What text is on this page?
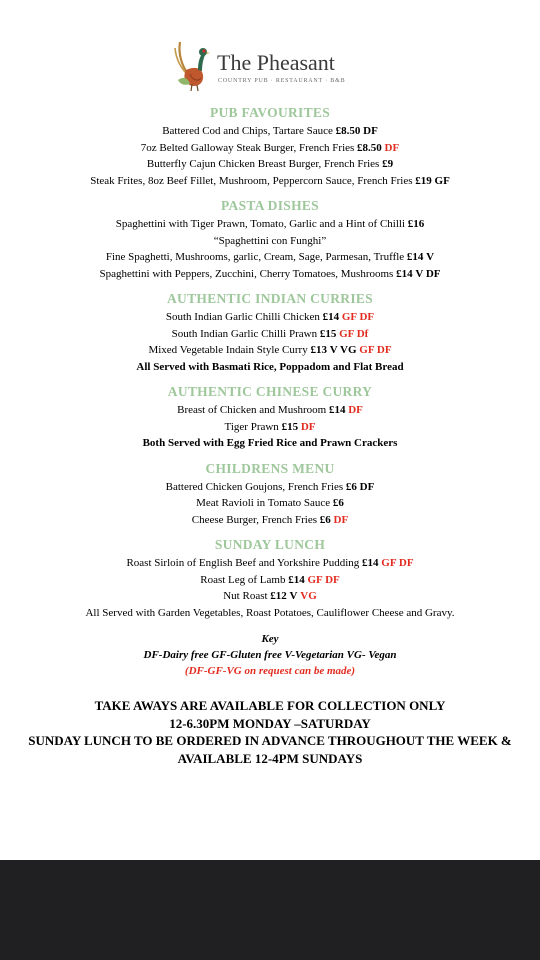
The Pheasant
COUNTRY PUB · RESTAURANT · B&B
PUB FAVOURITES
Battered Cod and Chips, Tartare Sauce £8.50 DF
7oz Belted Galloway Steak Burger, French Fries £8.50 DF
Butterfly Cajun Chicken Breast Burger, French Fries £9
Steak Frites, 8oz Beef Fillet, Mushroom, Peppercorn Sauce, French Fries £19 GF
PASTA DISHES
Spaghettini with Tiger Prawn, Tomato, Garlic and a Hint of Chilli £16
“Spaghettini con Funghi”
Fine Spaghetti, Mushrooms, garlic, Cream, Sage, Parmesan, Truffle £14 V
Spaghettini with Peppers, Zucchini, Cherry Tomatoes, Mushrooms £14 V DF
AUTHENTIC INDIAN CURRIES
South Indian Garlic Chilli Chicken £14 GF DF
South Indian Garlic Chilli Prawn £15 GF Df
Mixed Vegetable Indain Style Curry £13 V VG GF DF
All Served with Basmati Rice, Poppadom and Flat Bread
AUTHENTIC CHINESE CURRY
Breast of Chicken and Mushroom £14 DF
Tiger Prawn £15 DF
Both Served with Egg Fried Rice and Prawn Crackers
CHILDRENS MENU
Battered Chicken Goujons, French Fries £6 DF
Meat Ravioli in Tomato Sauce £6
Cheese Burger, French Fries £6 DF
SUNDAY LUNCH
Roast Sirloin of English Beef and Yorkshire Pudding £14 GF DF
Roast Leg of Lamb £14 GF DF
Nut Roast £12 V VG
All Served with Garden Vegetables, Roast Potatoes, Cauliflower Cheese and Gravy.
Key
DF-Dairy free GF-Gluten free V-Vegetarian VG- Vegan
(DF-GF-VG on request can be made)
TAKE AWAYS ARE AVAILABLE FOR COLLECTION ONLY
12-6.30PM MONDAY –SATURDAY
SUNDAY LUNCH TO BE ORDERED IN ADVANCE THROUGHOUT THE WEEK &
AVAILABLE 12-4PM SUNDAYS
